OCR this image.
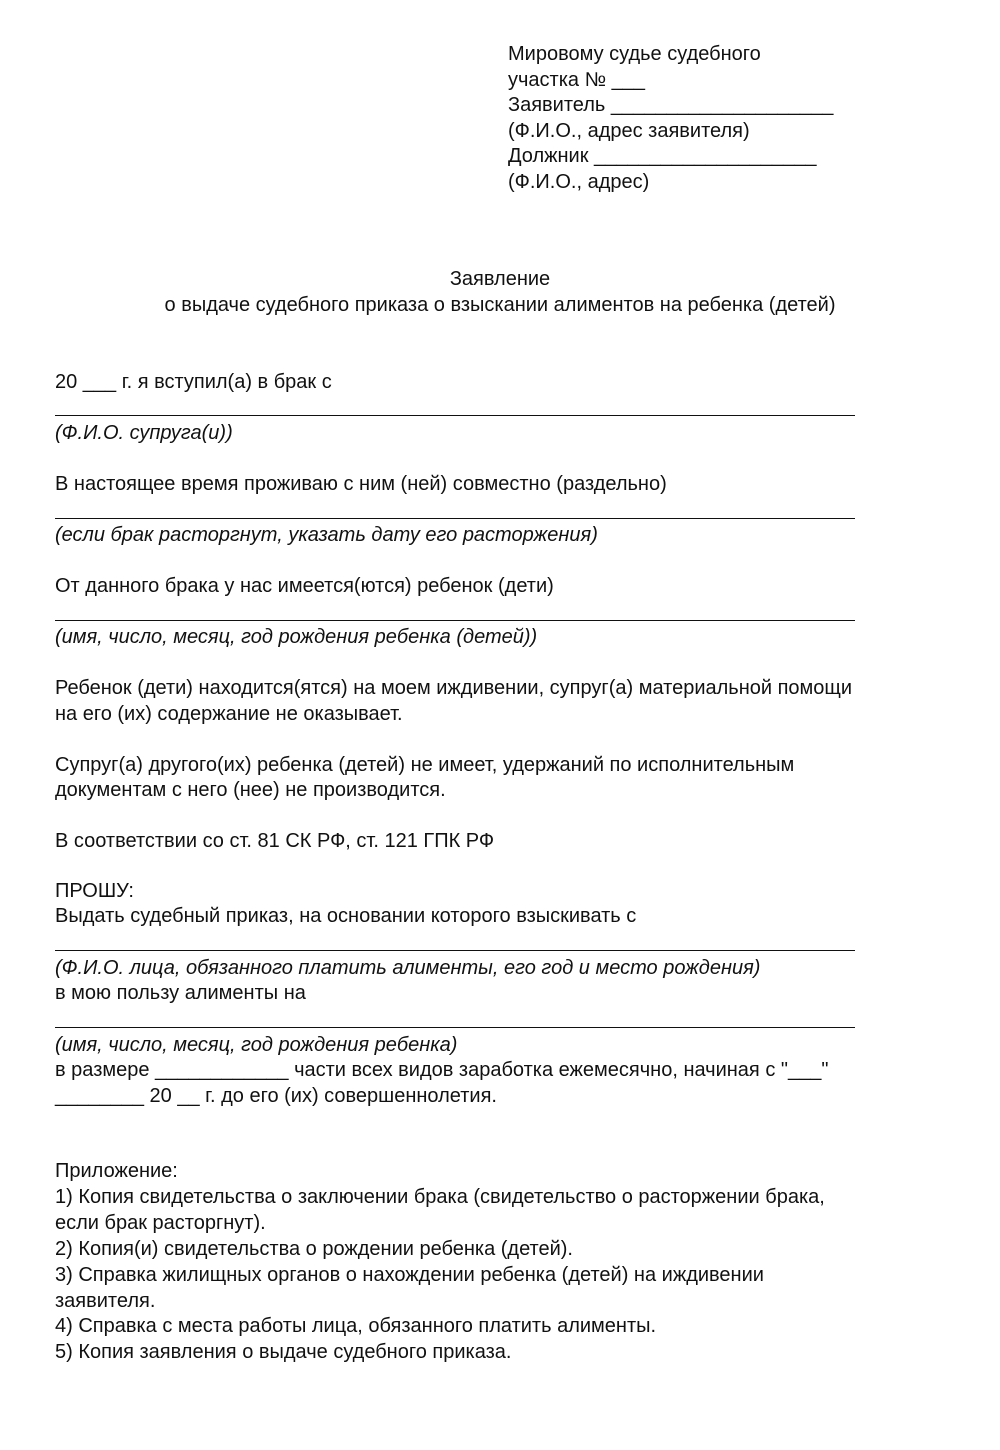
Мировому судье судебного
участка № ___
Заявитель ____________________
(Ф.И.О., адрес заявителя)
Должник ____________________
(Ф.И.О., адрес)
Заявление
о выдаче судебного приказа о взыскании алиментов на ребенка (детей)
20 ___ г. я вступил(а) в брак с
(Ф.И.О. супруга(и))
В настоящее время проживаю с ним (ней) совместно (раздельно)
(если брак расторгнут, указать дату его расторжения)
От данного брака у нас имеется(ются) ребенок (дети)
(имя, число, месяц, год рождения ребенка (детей))
Ребенок (дети) находится(ятся) на моем иждивении, супруг(а) материальной помощи
на его (их) содержание не оказывает.
Супруг(а) другого(их) ребенка (детей) не имеет, удержаний по исполнительным
документам с него (нее) не производится.
В соответствии со ст. 81 СК РФ, ст. 121 ГПК РФ
ПРОШУ:
Выдать судебный приказ, на основании которого взыскивать с
(Ф.И.О. лица, обязанного платить алименты, его год и место рождения)
в мою пользу алименты на
(имя, число, месяц, год рождения ребенка)
в размере ____________ части всех видов заработка ежемесячно, начиная с "___"
________ 20 __ г. до его (их) совершеннолетия.
Приложение:
1) Копия свидетельства о заключении брака (свидетельство о расторжении брака,
если брак расторгнут).
2) Копия(и) свидетельства о рождении ребенка (детей).
3) Справка жилищных органов о нахождении ребенка (детей) на иждивении
заявителя.
4) Справка с места работы лица, обязанного платить алименты.
5) Копия заявления о выдаче судебного приказа.
